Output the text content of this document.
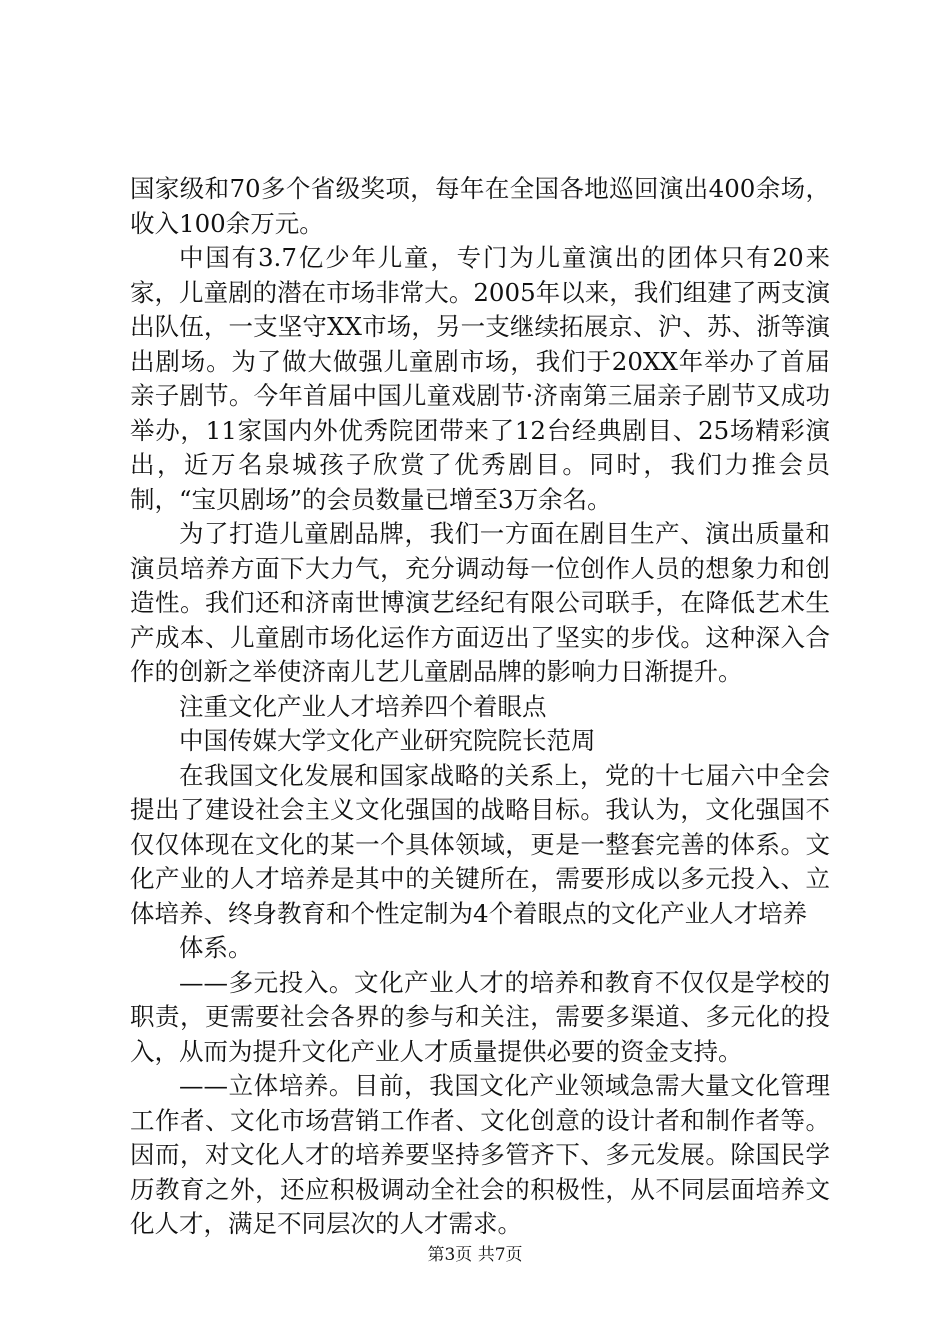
国家级和70多个省级奖项，每年在全国各地巡回演出400余场，收入100余万元。

中国有3.7亿少年儿童，专门为儿童演出的团体只有20来家，儿童剧的潜在市场非常大。2005年以来，我们组建了两支演出队伍，一支坚守XX市场，另一支继续拓展京、沪、苏、浙等演出剧场。为了做大做强儿童剧市场，我们于20XX年举办了首届亲子剧节。今年首届中国儿童戏剧节·济南第三届亲子剧节又成功举办，11家国内外优秀院团带来了12台经典剧目、25场精彩演出，近万名泉城孩子欣赏了优秀剧目。同时，我们力推会员制，“宝贝剧场”的会员数量已增至3万余名。

为了打造儿童剧品牌，我们一方面在剧目生产、演出质量和演员培养方面下大力气，充分调动每一位创作人员的想象力和创造性。我们还和济南世博演艺经纪有限公司联手，在降低艺术生产成本、儿童剧市场化运作方面迈出了坚实的步伐。这种深入合作的创新之举使济南儿艺儿童剧品牌的影响力日渐提升。

注重文化产业人才培养四个着眼点

中国传媒大学文化产业研究院院长范周

在我国文化发展和国家战略的关系上，党的十七届六中全会提出了建设社会主义文化强国的战略目标。我认为，文化强国不仅仅体现在文化的某一个具体领域，更是一整套完善的体系。文化产业的人才培养是其中的关键所在，需要形成以多元投入、立体培养、终身教育和个性定制为4个着眼点的文化产业人才培养

体系。

——多元投入。文化产业人才的培养和教育不仅仅是学校的职责，更需要社会各界的参与和关注，需要多渠道、多元化的投入，从而为提升文化产业人才质量提供必要的资金支持。

——立体培养。目前，我国文化产业领域急需大量文化管理工作者、文化市场营销工作者、文化创意的设计者和制作者等。因而，对文化人才的培养要坚持多管齐下、多元发展。除国民学历教育之外，还应积极调动全社会的积极性，从不同层面培养文化人才，满足不同层次的人才需求。

第3页 共7页
